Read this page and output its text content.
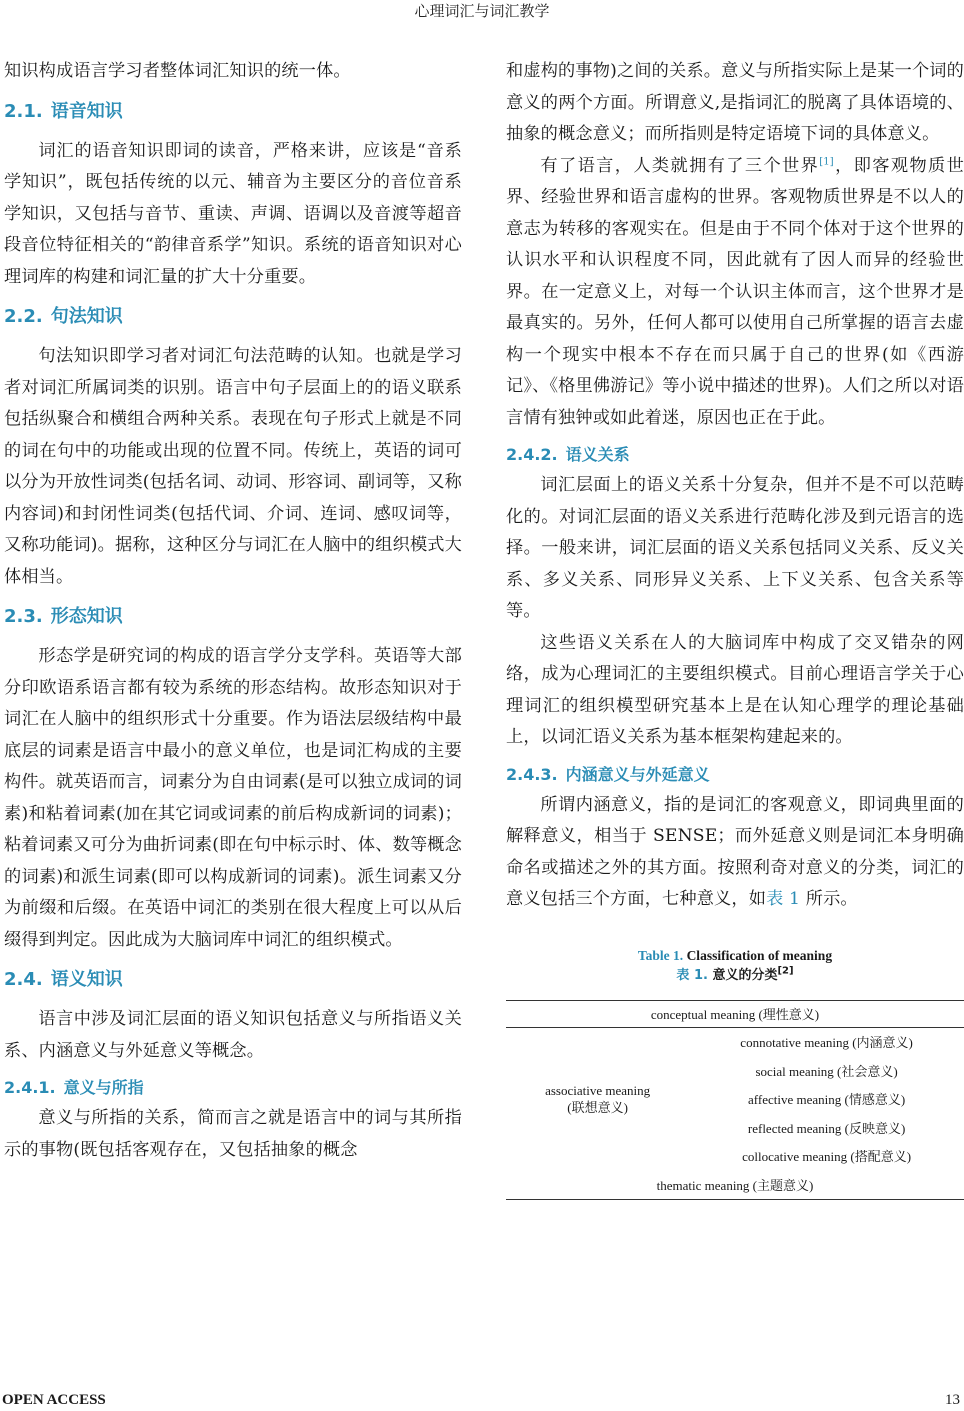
心理词汇与词汇教学

知识构成语言学习者整体词汇知识的统一体。

2.1. 语音知识

词汇的语音知识即词的读音，严格来讲，应该是“音系学知识”，既包括传统的以元、辅音为主要区分的音位音系学知识，又包括与音节、重读、声调、语调以及音渡等超音段音位特征相关的“韵律音系学”知识。系统的语音知识对心理词库的构建和词汇量的扩大十分重要。

2.2. 句法知识

句法知识即学习者对词汇句法范畴的认知。也就是学习者对词汇所属词类的识别。语言中句子层面上的的语义联系包括纵聚合和横组合两种关系。表现在句子形式上就是不同的词在句中的功能或出现的位置不同。传统上，英语的词可以分为开放性词类(包括名词、动词、形容词、副词等，又称内容词)和封闭性词类(包括代词、介词、连词、感叹词等，又称功能词)。据称，这种区分与词汇在人脑中的组织模式大体相当。

2.3. 形态知识

形态学是研究词的构成的语言学分支学科。英语等大部分印欧语系语言都有较为系统的形态结构。故形态知识对于词汇在人脑中的组织形式十分重要。作为语法层级结构中最底层的词素是语言中最小的意义单位，也是词汇构成的主要构件。就英语而言，词素分为自由词素(是可以独立成词的词素)和粘着词素(加在其它词或词素的前后构成新词的词素)；粘着词素又可分为曲折词素(即在句中标示时、体、数等概念的词素)和派生词素(即可以构成新词的词素)。派生词素又分为前缀和后缀。在英语中词汇的类别在很大程度上可以从后缀得到判定。因此成为大脑词库中词汇的组织模式。

2.4. 语义知识

语言中涉及词汇层面的语义知识包括意义与所指语义关系、内涵意义与外延意义等概念。

2.4.1. 意义与所指

意义与所指的关系，简而言之就是语言中的词与其所指示的事物(既包括客观存在，又包括抽象的概念

和虚构的事物)之间的关系。意义与所指实际上是某一个词的意义的两个方面。所谓意义,是指词汇的脱离了具体语境的、抽象的概念意义；而所指则是特定语境下词的具体意义。

有了语言，人类就拥有了三个世界[1]，即客观物质世界、经验世界和语言虚构的世界。客观物质世界是不以人的意志为转移的客观实在。但是由于不同个体对于这个世界的认识水平和认识程度不同，因此就有了因人而异的经验世界。在一定意义上，对每一个认识主体而言，这个世界才是最真实的。另外，任何人都可以使用自己所掌握的语言去虚构一个现实中根本不存在而只属于自己的世界(如《西游记》、《格里佛游记》等小说中描述的世界)。人们之所以对语言情有独钟或如此着迷，原因也正在于此。

2.4.2. 语义关系

词汇层面上的语义关系十分复杂，但并不是不可以范畴化的。对词汇层面的语义关系进行范畴化涉及到元语言的选择。一般来讲，词汇层面的语义关系包括同义关系、反义关系、多义关系、同形异义关系、上下义关系、包含关系等等。

这些语义关系在人的大脑词库中构成了交叉错杂的网络，成为心理词汇的主要组织模式。目前心理语言学关于心理词汇的组织模型研究基本上是在认知心理学的理论基础上，以词汇语义关系为基本框架构建起来的。

2.4.3. 内涵意义与外延意义

所谓内涵意义，指的是词汇的客观意义，即词典里面的解释意义，相当于 SENSE；而外延意义则是词汇本身明确命名或描述之外的其方面。按照利奇对意义的分类，词汇的意义包括三个方面，七种意义，如表 1 所示。

Table 1. Classification of meaning
表 1. 意义的分类[2]
conceptual meaning (理性意义)
associative meaning
(联想意义)	connotative meaning (内涵意义)
social meaning (社会意义)
affective meaning (情感意义)
reflected meaning (反映意义)
collocative meaning (搭配意义)
thematic meaning (主题意义)
OPEN ACCESS	13
